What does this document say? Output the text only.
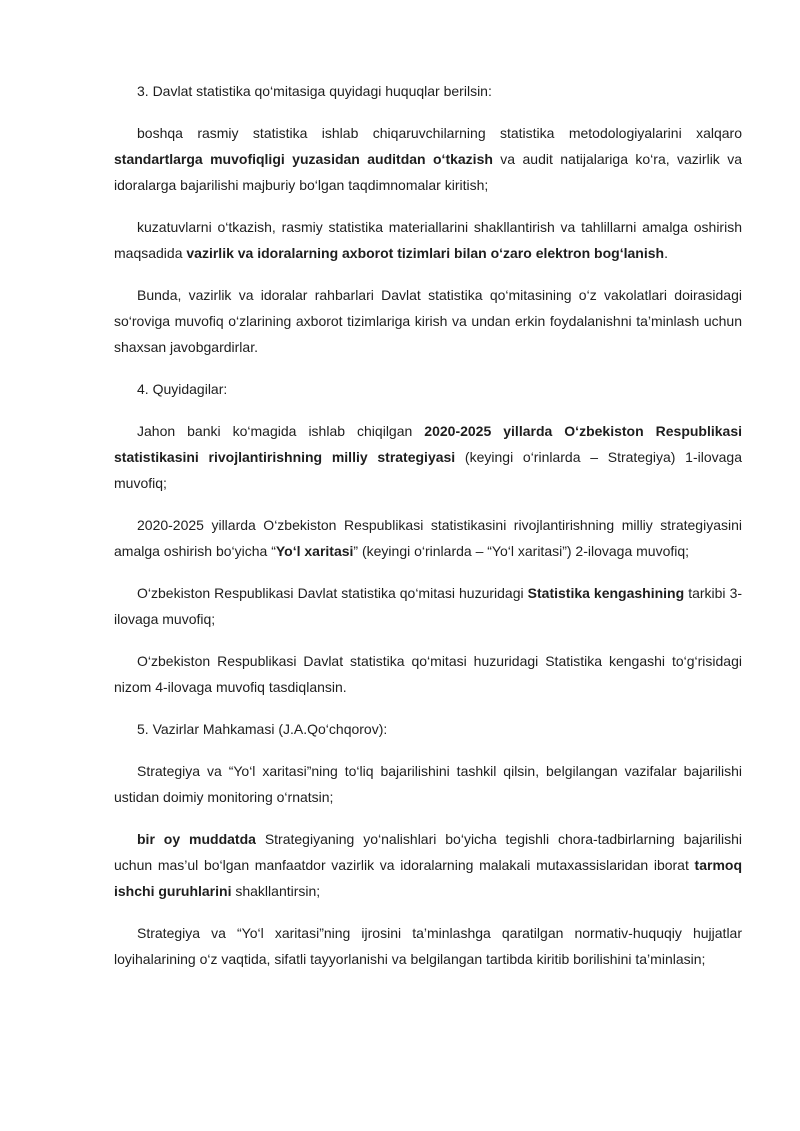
3. Davlat statistika qo‘mitasiga quyidagi huquqlar berilsin:

boshqa rasmiy statistika ishlab chiqaruvchilarning statistika metodologiyalarini xalqaro standartlarga muvofiqligi yuzasidan auditdan o‘tkazish va audit natijalariga ko‘ra, vazirlik va idoralarga bajarilishi majburiy bo‘lgan taqdimnomalar kiritish;

kuzatuvlarni o‘tkazish, rasmiy statistika materiallarini shakllantirish va tahlillarni amalga oshirish maqsadida vazirlik va idoralarning axborot tizimlari bilan o‘zaro elektron bog‘lanish.

Bunda, vazirlik va idoralar rahbarlari Davlat statistika qo‘mitasining o‘z vakolatlari doirasidagi so‘roviga muvofiq o‘zlarining axborot tizimlariga kirish va undan erkin foydalanishni ta’minlash uchun shaxsan javobgardirlar.

4. Quyidagilar:

Jahon banki ko‘magida ishlab chiqilgan 2020-2025 yillarda O‘zbekiston Respublikasi statistikasini rivojlantirishning milliy strategiyasi (keyingi o‘rinlarda – Strategiya) 1-ilovaga muvofiq;

2020-2025 yillarda O‘zbekiston Respublikasi statistikasini rivojlantirishning milliy strategiyasini amalga oshirish bo‘yicha “Yo‘l xaritasi” (keyingi o‘rinlarda – “Yo‘l xaritasi”) 2-ilovaga muvofiq;

O‘zbekiston Respublikasi Davlat statistika qo‘mitasi huzuridagi Statistika kengashining tarkibi 3-ilovaga muvofiq;

O‘zbekiston Respublikasi Davlat statistika qo‘mitasi huzuridagi Statistika kengashi to‘g‘risidagi nizom 4-ilovaga muvofiq tasdiqlansin.

5. Vazirlar Mahkamasi (J.A.Qo‘chqorov):

Strategiya va “Yo‘l xaritasi”ning to‘liq bajarilishini tashkil qilsin, belgilangan vazifalar bajarilishi ustidan doimiy monitoring o‘rnatsin;

bir oy muddatda Strategiyaning yo‘nalishlari bo‘yicha tegishli chora-tadbirlarning bajarilishi uchun mas’ul bo‘lgan manfaatdor vazirlik va idoralarning malakali mutaxassislaridan iborat tarmoq ishchi guruhlarini shakllantirsin;

Strategiya va “Yo‘l xaritasi”ning ijrosini ta’minlashga qaratilgan normativ-huquqiy hujjatlar loyihalarining o‘z vaqtida, sifatli tayyorlanishi va belgilangan tartibda kiritib borilishini ta’minlasin;
